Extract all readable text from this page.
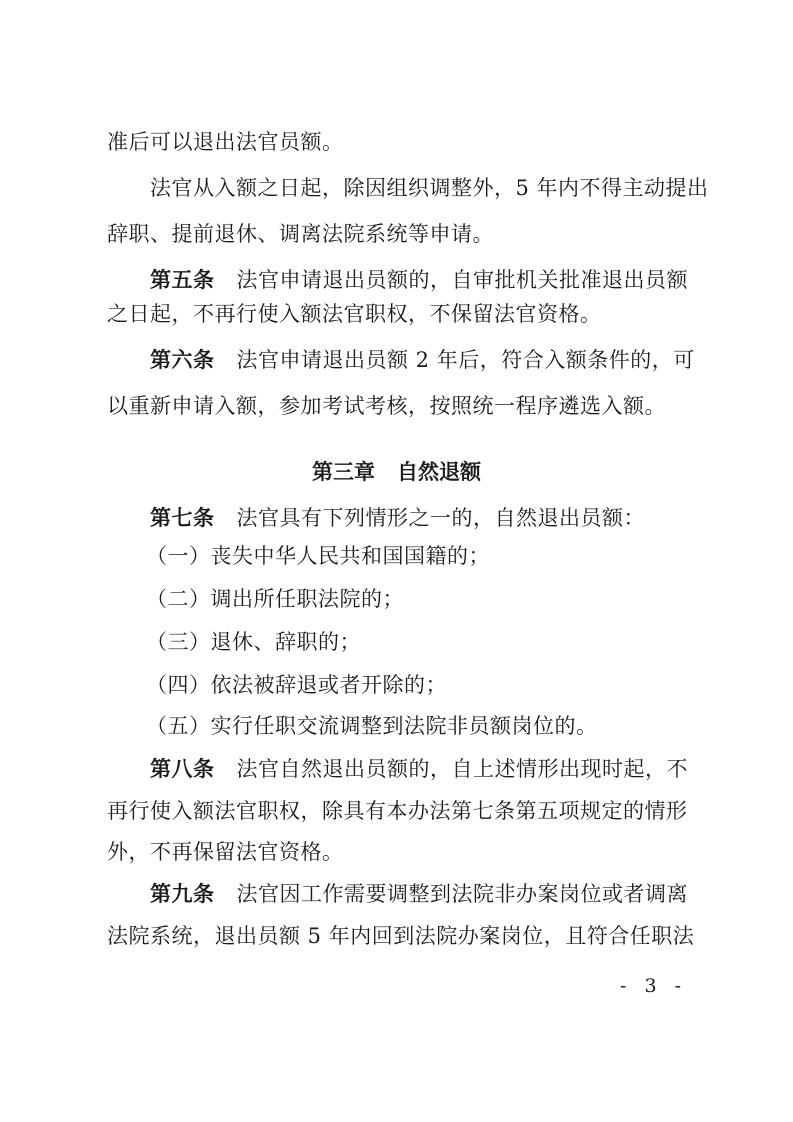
准后可以退出法官员额。
法官从入额之日起，除因组织调整外，5 年内不得主动提出
辞职、提前退休、调离法院系统等申请。
第五条 法官申请退出员额的，自审批机关批准退出员额
之日起，不再行使入额法官职权，不保留法官资格。
第六条 法官申请退出员额 2 年后，符合入额条件的，可
以重新申请入额，参加考试考核，按照统一程序遴选入额。
第三章 自然退额
第七条 法官具有下列情形之一的，自然退出员额：
（一）丧失中华人民共和国国籍的；
（二）调出所任职法院的；
（三）退休、辞职的；
（四）依法被辞退或者开除的；
（五）实行任职交流调整到法院非员额岗位的。
第八条 法官自然退出员额的，自上述情形出现时起，不
再行使入额法官职权，除具有本办法第七条第五项规定的情形
外，不再保留法官资格。
第九条 法官因工作需要调整到法院非办案岗位或者调离
法院系统，退出员额 5 年内回到法院办案岗位，且符合任职法
- 3 -
